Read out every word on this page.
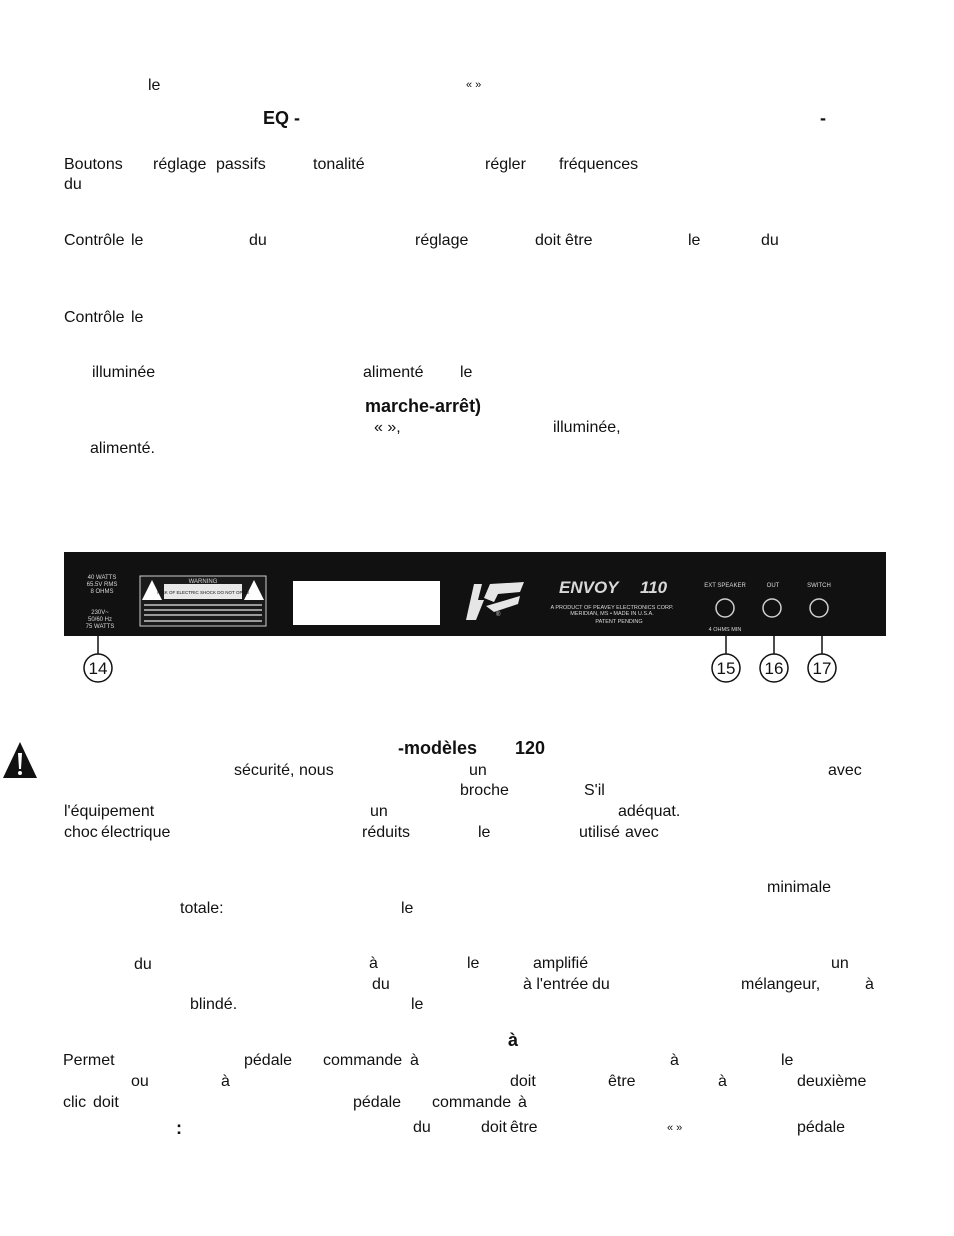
le	« »
EQ -	-
Boutons réglage passifs	tonalité	régler fréquences
du
Contrôle le	du	réglage	doit être	le	du
Contrôle le
illuminée	alimenté le
marche-arrêt)
« »,	illuminée,
alimenté.
40 WATTS
65.5V RMS
8 OHMS
230V~
50/60 Hz
75 WATTS
WARNING
RISK OF ELECTRIC SHOCK DO NOT OPEN
®
ENVOY 110
A PRODUCT OF PEAVEY ELECTRONICS CORP.
MERIDIAN, MS • MADE IN U.S.A.
PATENT PENDING
EXT SPEAKER	OUT	SWITCH
4 OHMS MIN
14	15 16 17
-modèles 120
sécurité, nous	un	avec
broche	S'il
l'équipement	un	adéquat.
choc électrique	réduits	le	utilisé avec
minimale
totale:	le
du	à	le	amplifié	un
du	à l'entrée du	mélangeur,	à
blindé.	le
à
Permet	pédale commande à	à	le
ou	à	doit	être	à	deuxième
clic doit	pédale commande à
:	du	doit être	« »	pédale
